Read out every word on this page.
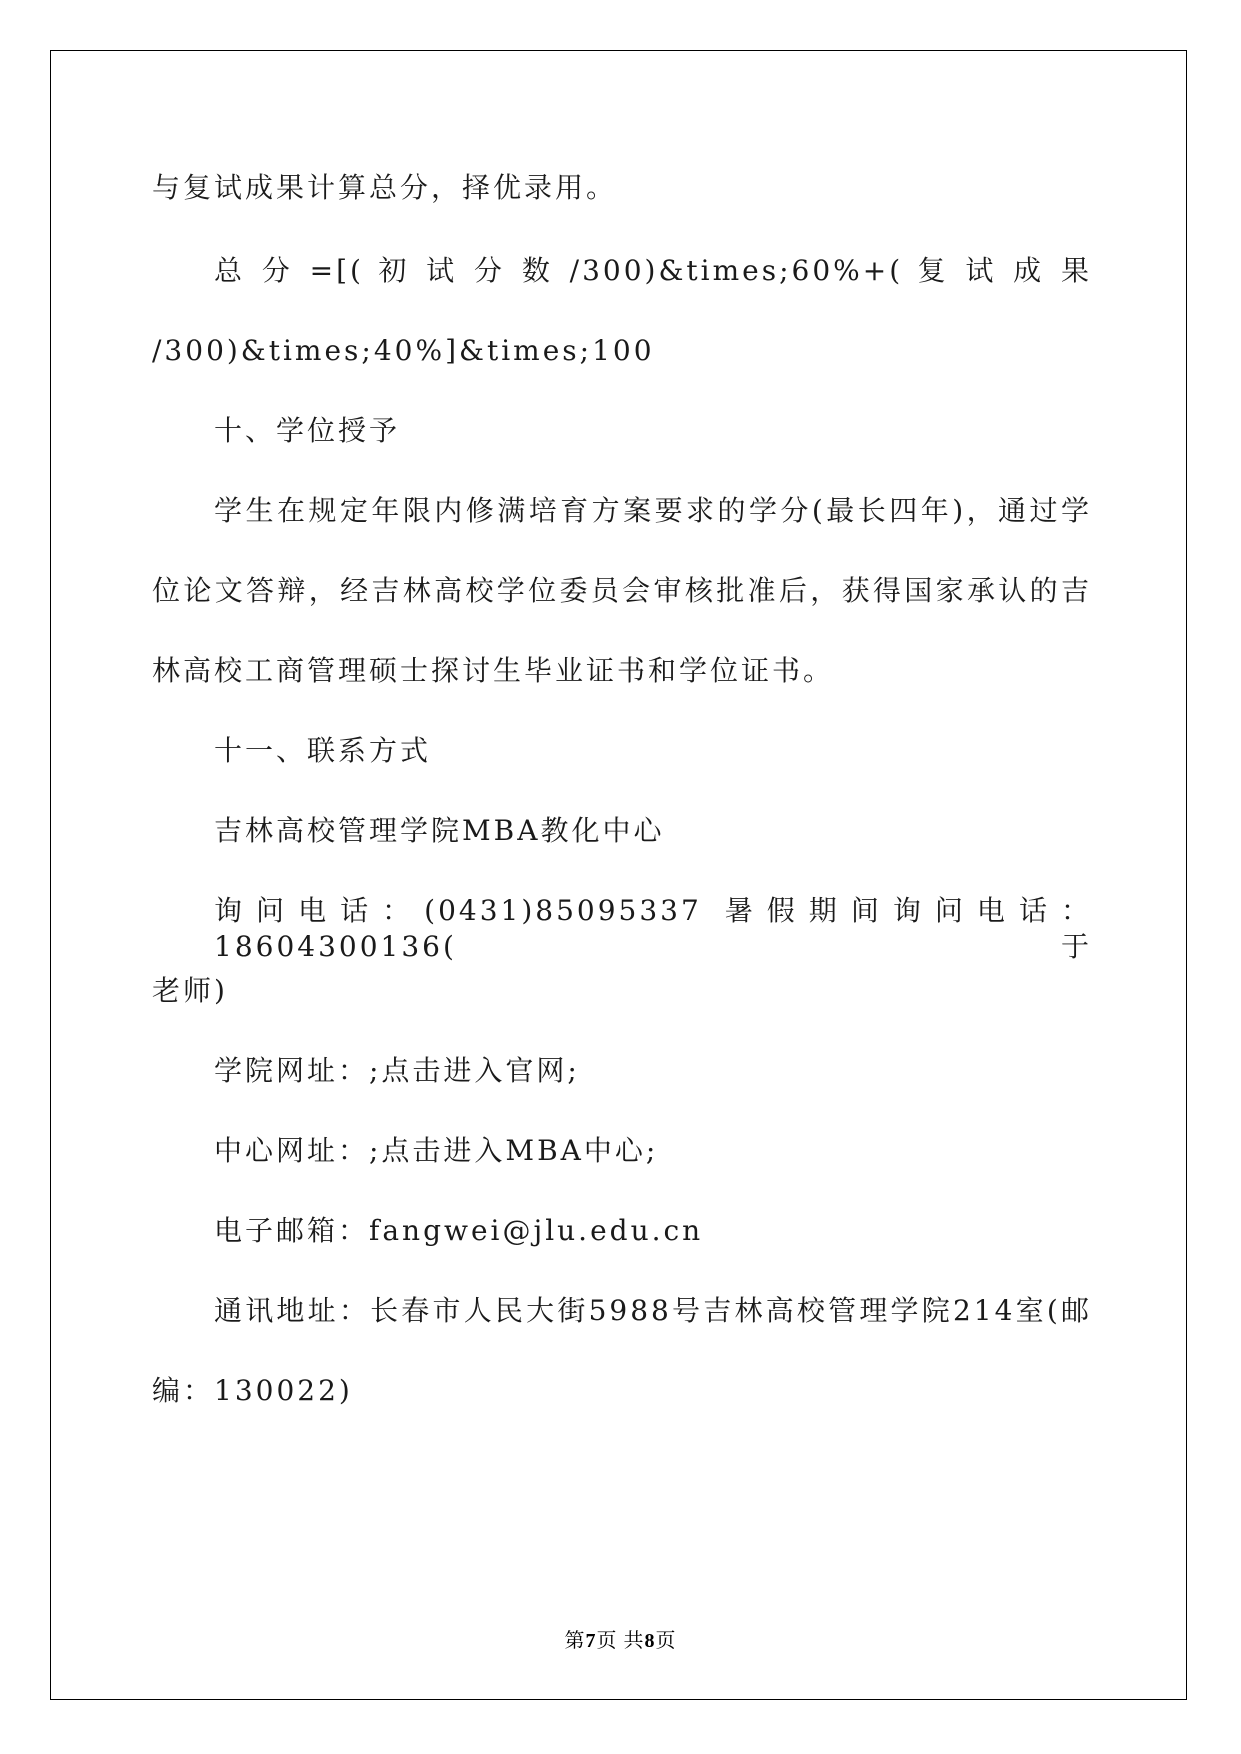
与复试成果计算总分，择优录用。
总 分 =[( 初 试 分 数 /300)&times;60%+( 复 试 成 果
/300)&times;40%]&times;100
十、学位授予
学生在规定年限内修满培育方案要求的学分(最长四年)，通过学
位论文答辩，经吉林高校学位委员会审核批准后，获得国家承认的吉
林高校工商管理硕士探讨生毕业证书和学位证书。
十一、联系方式
吉林高校管理学院MBA教化中心
询问电话：(0431)85095337 暑假期间询问电话：18604300136(于
老师)
学院网址：;点击进入官网;
中心网址：;点击进入MBA中心;
电子邮箱：fangwei@jlu.edu.cn
通讯地址：长春市人民大街5988号吉林高校管理学院214室(邮
编：130022)
第7页 共8页
